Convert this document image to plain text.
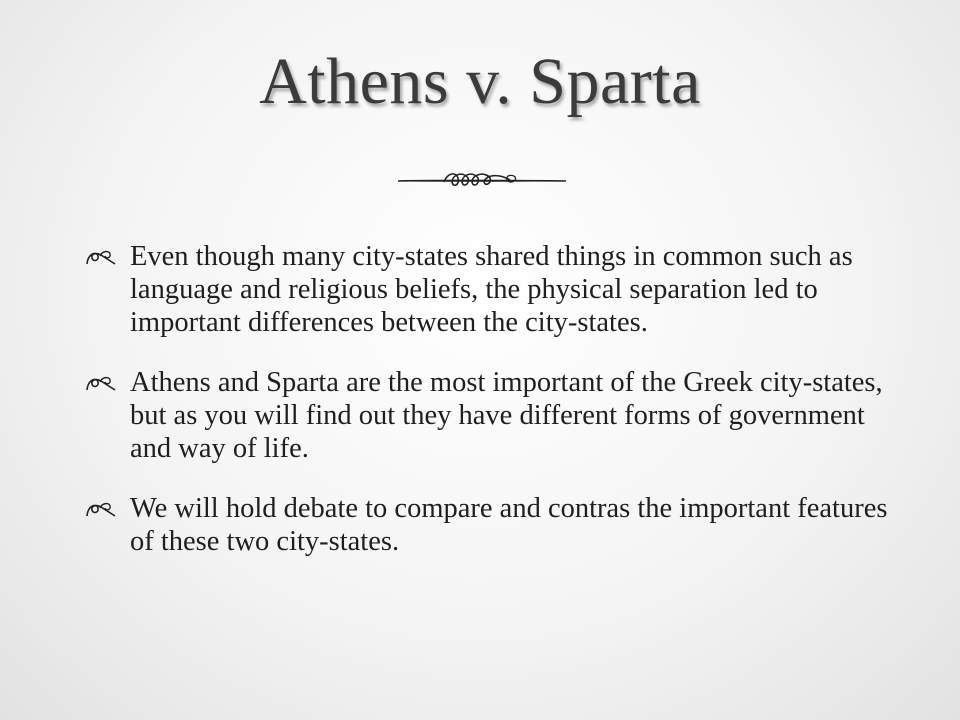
Athens v. Sparta
Even though many city-states shared things in common such as language and religious beliefs, the physical separation led to important differences between the city-states.
Athens and Sparta are the most important of the Greek city-states, but as you will find out they have different forms of government and way of life.
We will hold debate to compare and contras the important features of these two city-states.
